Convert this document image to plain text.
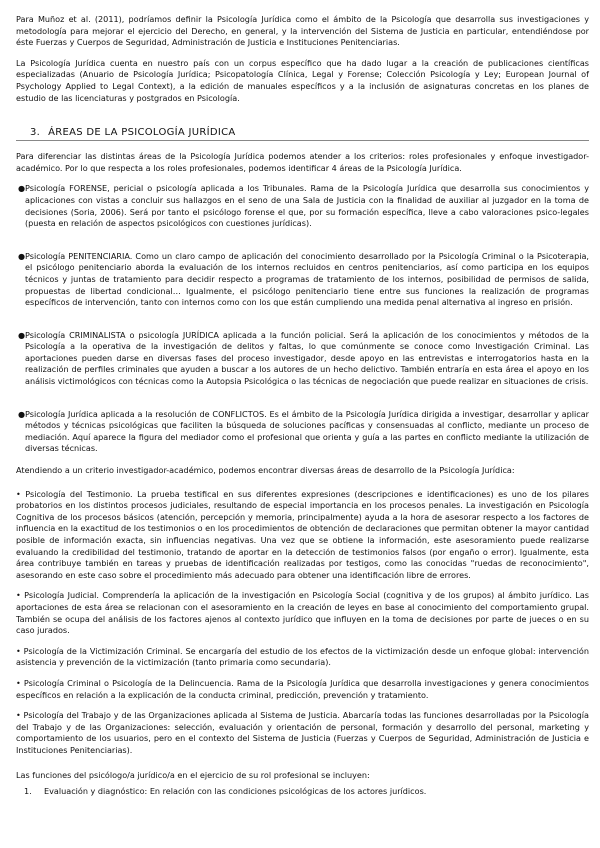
Para Muñoz et al. (2011), podríamos definir la Psicología Jurídica como el ámbito de la Psicología que desarrolla sus investigaciones y metodología para mejorar el ejercicio del Derecho, en general, y la intervención del Sistema de Justicia en particular, entendiéndose por éste Fuerzas y Cuerpos de Seguridad, Administración de Justicia e Instituciones Penitenciarias.

La Psicología Jurídica cuenta en nuestro país con un corpus específico que ha dado lugar a la creación de publicaciones científicas especializadas (Anuario de Psicología Jurídica; Psicopatología Clínica, Legal y Forense; Colección Psicología y Ley; European Journal of Psychology Applied to Legal Context), a la edición de manuales específicos y a la inclusión de asignaturas concretas en los planes de estudio de las licenciaturas y postgrados en Psicología.

3. ÁREAS DE LA PSICOLOGÍA JURÍDICA

Para diferenciar las distintas áreas de la Psicología Jurídica podemos atender a los criterios: roles profesionales y enfoque investigador-académico. Por lo que respecta a los roles profesionales, podemos identificar 4 áreas de la Psicología Jurídica.

● Psicología FORENSE, pericial o psicología aplicada a los Tribunales. Rama de la Psicología Jurídica que desarrolla sus conocimientos y aplicaciones con vistas a concluir sus hallazgos en el seno de una Sala de Justicia con la finalidad de auxiliar al juzgador en la toma de decisiones (Soria, 2006). Será por tanto el psicólogo forense el que, por su formación específica, lleve a cabo valoraciones psico-legales (puesta en relación de aspectos psicológicos con cuestiones jurídicas).
● Psicología PENITENCIARIA. Como un claro campo de aplicación del conocimiento desarrollado por la Psicología Criminal o la Psicoterapia, el psicólogo penitenciario aborda la evaluación de los internos recluidos en centros penitenciarios, así como participa en los equipos técnicos y juntas de tratamiento para decidir respecto a programas de tratamiento de los internos, posibilidad de permisos de salida, propuestas de libertad condicional… Igualmente, el psicólogo penitenciario tiene entre sus funciones la realización de programas específicos de intervención, tanto con internos como con los que están cumpliendo una medida penal alternativa al ingreso en prisión.
● Psicología CRIMINALISTA o psicología JURÍDICA aplicada a la función policial. Será la aplicación de los conocimientos y métodos de la Psicología a la operativa de la investigación de delitos y faltas, lo que comúnmente se conoce como Investigación Criminal. Las aportaciones pueden darse en diversas fases del proceso investigador, desde apoyo en las entrevistas e interrogatorios hasta en la realización de perfiles criminales que ayuden a buscar a los autores de un hecho delictivo. También entraría en esta área el apoyo en los análisis victimológicos con técnicas como la Autopsia Psicológica o las técnicas de negociación que puede realizar en situaciones de crisis.
● Psicología Jurídica aplicada a la resolución de CONFLICTOS. Es el ámbito de la Psicología Jurídica dirigida a investigar, desarrollar y aplicar métodos y técnicas psicológicas que faciliten la búsqueda de soluciones pacíficas y consensuadas al conflicto, mediante un proceso de mediación. Aquí aparece la figura del mediador como el profesional que orienta y guía a las partes en conflicto mediante la utilización de diversas técnicas.

Atendiendo a un criterio investigador-académico, podemos encontrar diversas áreas de desarrollo de la Psicología Jurídica:

• Psicología del Testimonio. La prueba testifical en sus diferentes expresiones (descripciones e identificaciones) es uno de los pilares probatorios en los distintos procesos judiciales, resultando de especial importancia en los procesos penales. La investigación en Psicología Cognitiva de los procesos básicos (atención, percepción y memoria, principalmente) ayuda a la hora de asesorar respecto a los factores de influencia en la exactitud de los testimonios o en los procedimientos de obtención de declaraciones que permitan obtener la mayor cantidad posible de información exacta, sin influencias negativas. Una vez que se obtiene la información, este asesoramiento puede realizarse evaluando la credibilidad del testimonio, tratando de aportar en la detección de testimonios falsos (por engaño o error). Igualmente, esta área contribuye también en tareas y pruebas de identificación realizadas por testigos, como las conocidas "ruedas de reconocimiento", asesorando en este caso sobre el procedimiento más adecuado para obtener una identificación libre de errores.

• Psicología Judicial. Comprendería la aplicación de la investigación en Psicología Social (cognitiva y de los grupos) al ámbito jurídico. Las aportaciones de esta área se relacionan con el asesoramiento en la creación de leyes en base al conocimiento del comportamiento grupal. También se ocupa del análisis de los factores ajenos al contexto jurídico que influyen en la toma de decisiones por parte de jueces o en su caso jurados.

• Psicología de la Victimización Criminal. Se encargaría del estudio de los efectos de la victimización desde un enfoque global: intervención asistencia y prevención de la victimización (tanto primaria como secundaria).

• Psicología Criminal o Psicología de la Delincuencia. Rama de la Psicología Jurídica que desarrolla investigaciones y genera conocimientos específicos en relación a la explicación de la conducta criminal, predicción, prevención y tratamiento.

• Psicología del Trabajo y de las Organizaciones aplicada al Sistema de Justicia. Abarcaría todas las funciones desarrolladas por la Psicología del Trabajo y de las Organizaciones: selección, evaluación y orientación de personal, formación y desarrollo del personal, marketing y comportamiento de los usuarios, pero en el contexto del Sistema de Justicia (Fuerzas y Cuerpos de Seguridad, Administración de Justicia e Instituciones Penitenciarias).

Las funciones del psicólogo/a jurídico/a en el ejercicio de su rol profesional se incluyen:

1. Evaluación y diagnóstico: En relación con las condiciones psicológicas de los actores jurídicos.
